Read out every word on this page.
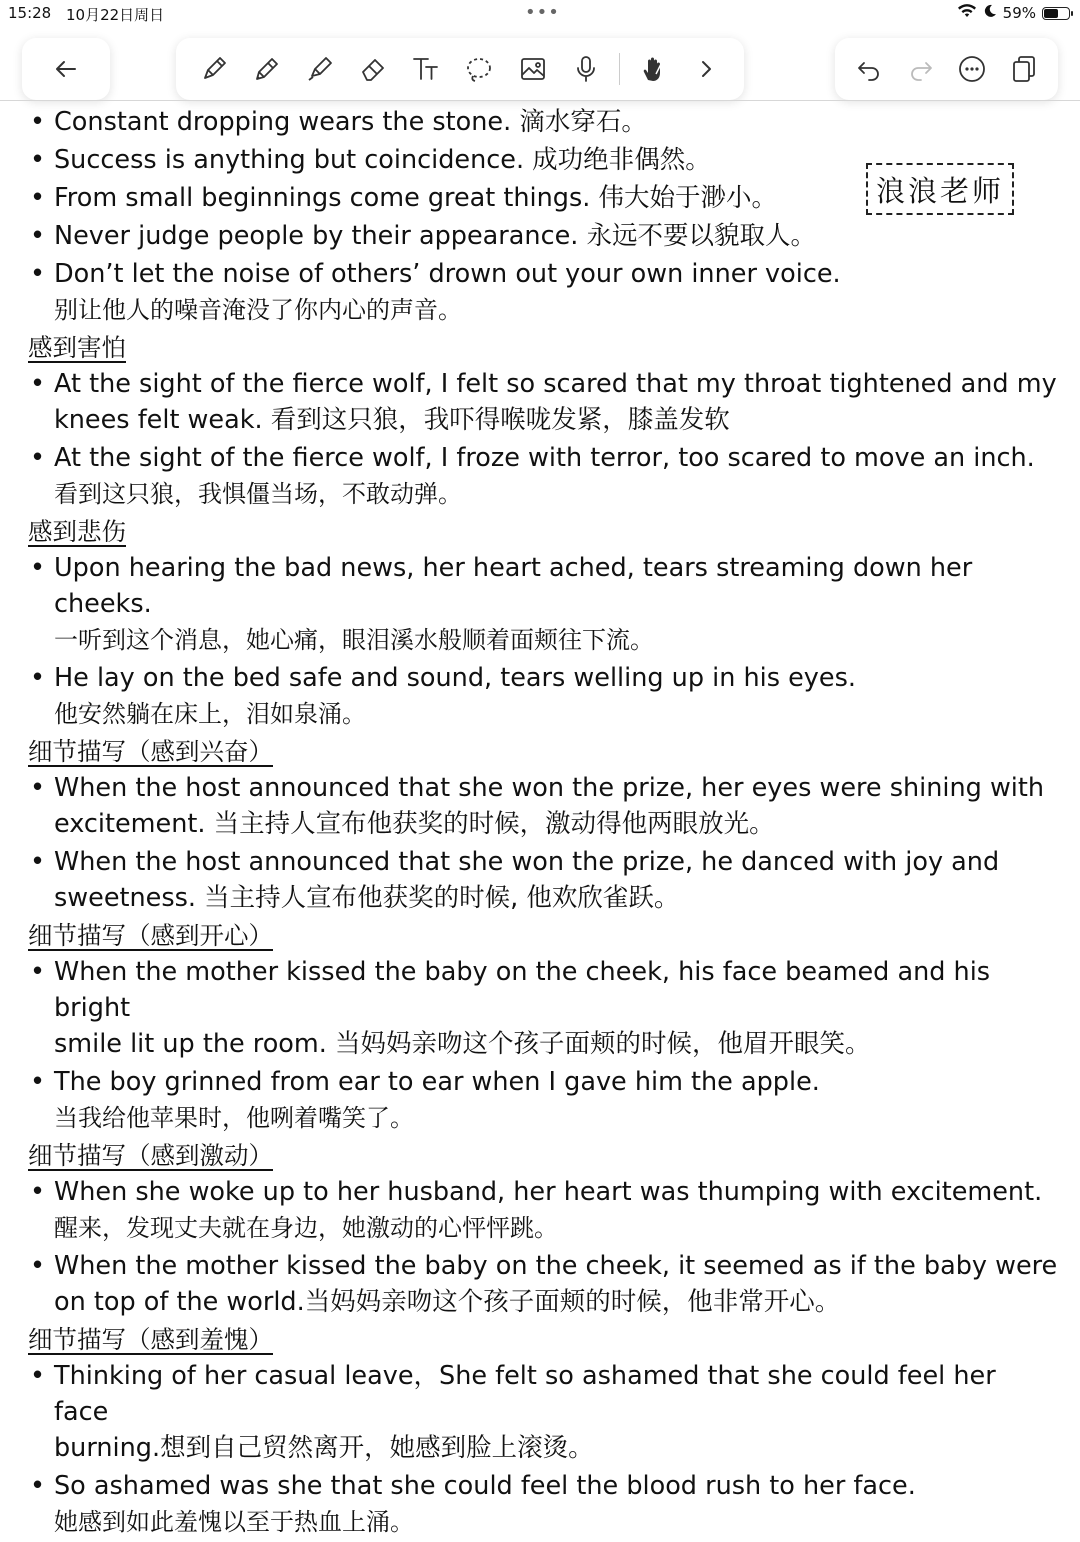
15:28 10月22日周日	•••	59%
• Constant dropping wears the stone. 滴水穿石。
• Success is anything but coincidence. 成功绝非偶然。
• From small beginnings come great things. 伟大始于渺小。
• Never judge people by their appearance. 永远不要以貌取人。
• Don’t let the noise of others’ drown out your own inner voice.
别让他人的噪音淹没了你内心的声音。
感到害怕
• At the sight of the fierce wolf, I felt so scared that my throat tightened and my
knees felt weak. 看到这只狼，我吓得喉咙发紧，膝盖发软
• At the sight of the fierce wolf, I froze with terror, too scared to move an inch.
看到这只狼，我惧僵当场，不敢动弹。
感到悲伤
• Upon hearing the bad news, her heart ached, tears streaming down her cheeks.
一听到这个消息，她心痛，眼泪溪水般顺着面颊往下流。
• He lay on the bed safe and sound, tears welling up in his eyes.
他安然躺在床上，泪如泉涌。
细节描写（感到兴奋）
• When the host announced that she won the prize, her eyes were shining with
excitement. 当主持人宣布他获奖的时候，激动得他两眼放光。
• When the host announced that she won the prize, he danced with joy and
sweetness. 当主持人宣布他获奖的时候, 他欢欣雀跃。
细节描写（感到开心）
• When the mother kissed the baby on the cheek, his face beamed and his bright
smile lit up the room. 当妈妈亲吻这个孩子面颊的时候，他眉开眼笑。
• The boy grinned from ear to ear when I gave him the apple.
当我给他苹果时，他咧着嘴笑了。
细节描写（感到激动）
• When she woke up to her husband, her heart was thumping with excitement.
醒来，发现丈夫就在身边，她激动的心怦怦跳。
• When the mother kissed the baby on the cheek, it seemed as if the baby were
on top of the world.当妈妈亲吻这个孩子面颊的时候，他非常开心。
细节描写（感到羞愧）
• Thinking of her casual leave，She felt so ashamed that she could feel her face
burning.想到自己贸然离开，她感到脸上滚烫。
• So ashamed was she that she could feel the blood rush to her face.
她感到如此羞愧以至于热血上涌。
浪浪老师
